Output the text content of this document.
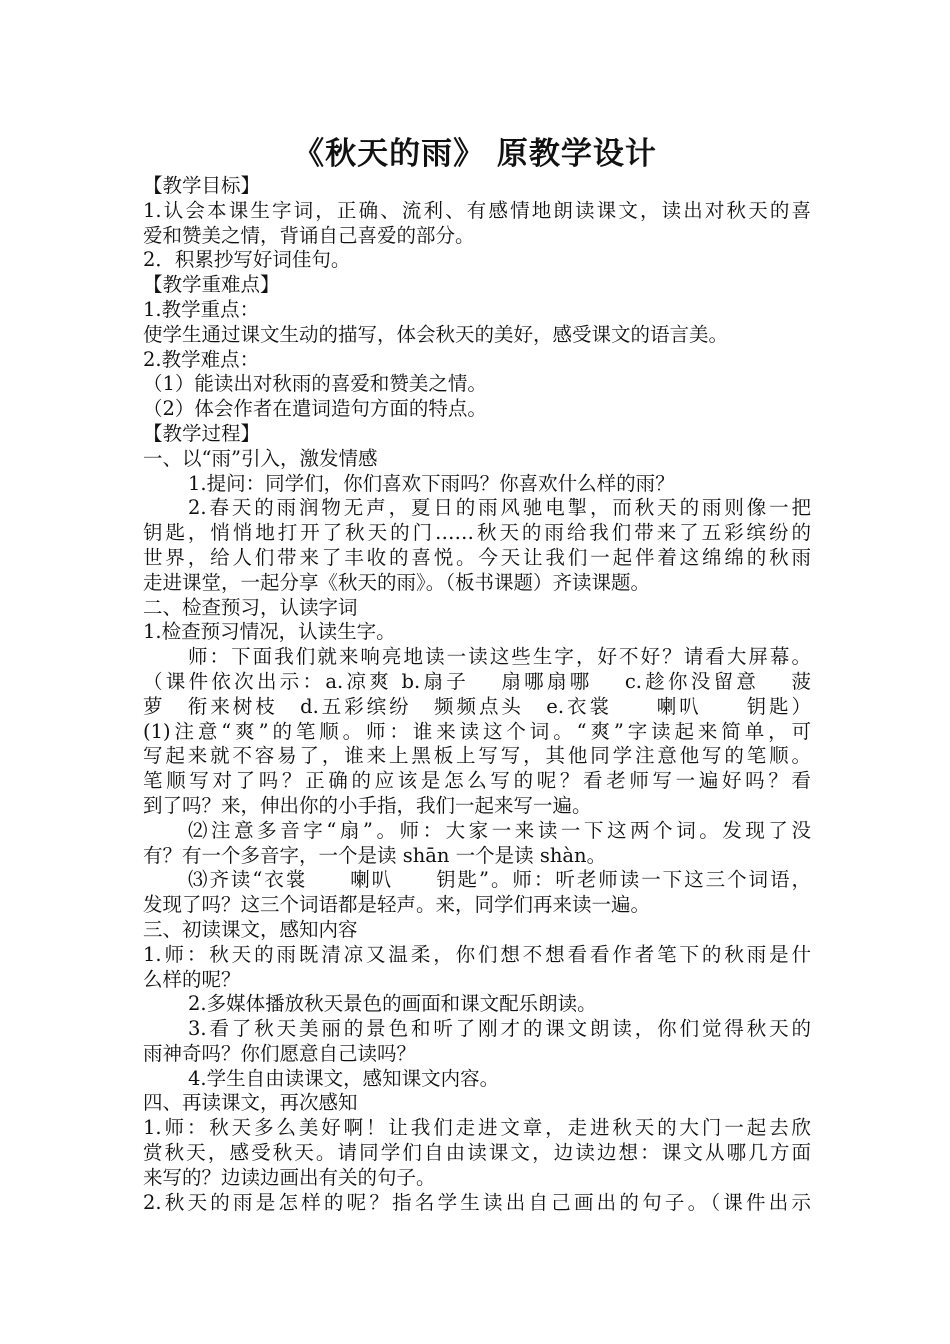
《秋天的雨》 原教学设计
【教学目标】
1.认会本课生字词，正确、流利、有感情地朗读课文，读出对秋天的喜
爱和赞美之情，背诵自己喜爱的部分。
2．积累抄写好词佳句。
【教学重难点】
1.教学重点：
使学生通过课文生动的描写，体会秋天的美好，感受课文的语言美。
2.教学难点：
（1）能读出对秋雨的喜爱和赞美之情。
（2）体会作者在遣词造句方面的特点。
【教学过程】
一、以“雨”引入，激发情感
1.提问：同学们，你们喜欢下雨吗？你喜欢什么样的雨？
2.春天的雨润物无声，夏日的雨风驰电掣，而秋天的雨则像一把
钥匙，悄悄地打开了秋天的门……秋天的雨给我们带来了五彩缤纷的
世界，给人们带来了丰收的喜悦。今天让我们一起伴着这绵绵的秋雨
走进课堂，一起分享《秋天的雨》。（板书课题）齐读课题。
二、检查预习，认读字词
1.检查预习情况，认读生字。
师：下面我们就来响亮地读一读这些生字，好不好？请看大屏幕。
（课件依次出示：a.凉爽 b.扇子　 扇哪扇哪　 c.趁你没留意　 菠
萝　衔来树枝　d.五彩缤纷　频频点头　e.衣裳　　喇叭　　钥匙）
(1)注意“爽”的笔顺。师：谁来读这个词。“爽”字读起来简单，可
写起来就不容易了，谁来上黑板上写写，其他同学注意他写的笔顺。
笔顺写对了吗？正确的应该是怎么写的呢？看老师写一遍好吗？看
到了吗？来，伸出你的小手指，我们一起来写一遍。
⑵注意多音字“扇”。师：大家一来读一下这两个词。发现了没
有？有一个多音字，一个是读 shān 一个是读 shàn。
⑶齐读“衣裳　　喇叭　　钥匙”。师：听老师读一下这三个词语，
发现了吗？这三个词语都是轻声。来，同学们再来读一遍。
三、初读课文，感知内容
1.师：秋天的雨既清凉又温柔，你们想不想看看作者笔下的秋雨是什
么样的呢？
2.多媒体播放秋天景色的画面和课文配乐朗读。
3.看了秋天美丽的景色和听了刚才的课文朗读，你们觉得秋天的
雨神奇吗？你们愿意自己读吗？
4.学生自由读课文，感知课文内容。
四、再读课文，再次感知
1.师：秋天多么美好啊！让我们走进文章，走进秋天的大门一起去欣
赏秋天，感受秋天。请同学们自由读课文，边读边想：课文从哪几方面
来写的？边读边画出有关的句子。
2.秋天的雨是怎样的呢？指名学生读出自己画出的句子。（课件出示
